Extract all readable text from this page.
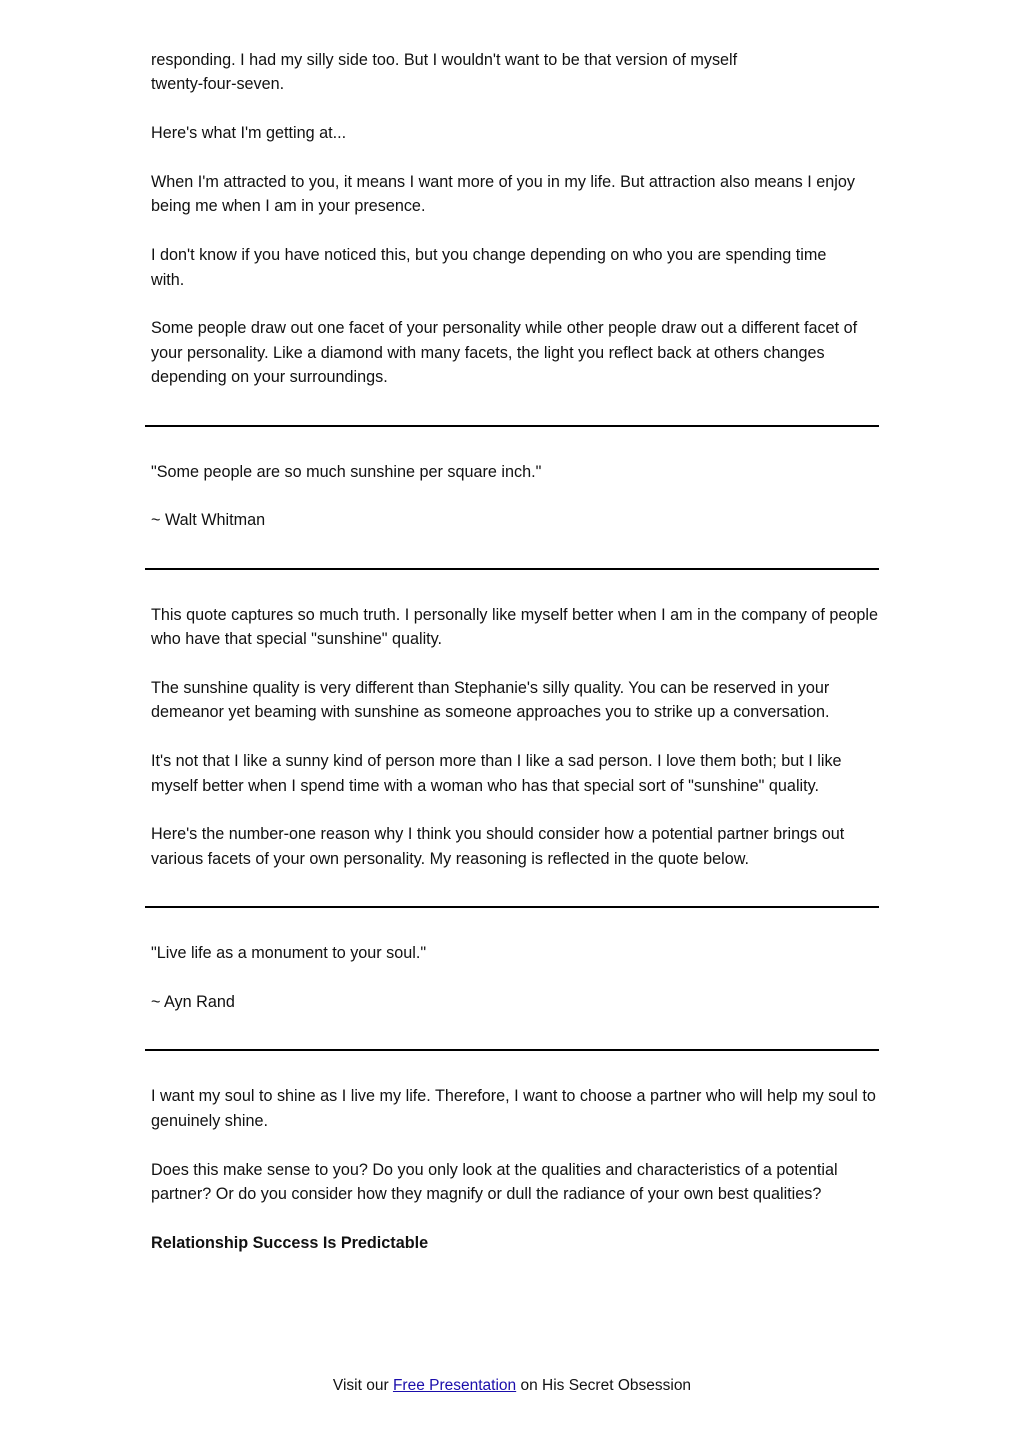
responding. I had my silly side too. But I wouldn't want to be that version of myself twenty-four-seven.

Here's what I'm getting at...

When I'm attracted to you, it means I want more of you in my life. But attraction also means I enjoy being me when I am in your presence.

I don't know if you have noticed this, but you change depending on who you are spending time with.

Some people draw out one facet of your personality while other people draw out a different facet of your personality. Like a diamond with many facets, the light you reflect back at others changes depending on your surroundings.

"Some people are so much sunshine per square inch."

~ Walt Whitman

This quote captures so much truth. I personally like myself better when I am in the company of people who have that special "sunshine" quality.

The sunshine quality is very different than Stephanie's silly quality. You can be reserved in your demeanor yet beaming with sunshine as someone approaches you to strike up a conversation.

It's not that I like a sunny kind of person more than I like a sad person. I love them both; but I like myself better when I spend time with a woman who has that special sort of "sunshine" quality.

Here's the number-one reason why I think you should consider how a potential partner brings out various facets of your own personality. My reasoning is reflected in the quote below.

"Live life as a monument to your soul."

~ Ayn Rand

I want my soul to shine as I live my life. Therefore, I want to choose a partner who will help my soul to genuinely shine.

Does this make sense to you? Do you only look at the qualities and characteristics of a potential partner? Or do you consider how they magnify or dull the radiance of your own best qualities?

Relationship Success Is Predictable

Visit our Free Presentation on His Secret Obsession
